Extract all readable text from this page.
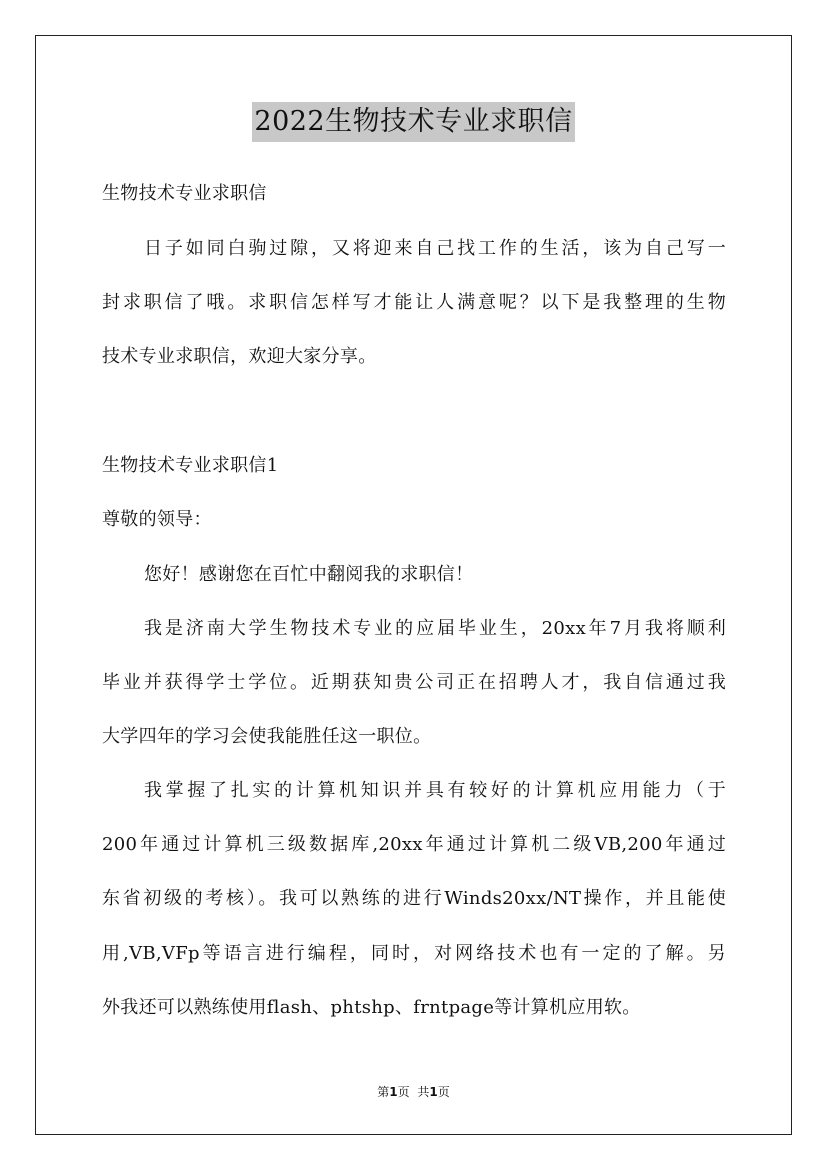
2022生物技术专业求职信
生物技术专业求职信
日子如同白驹过隙，又将迎来自己找工作的生活，该为自己写一
封求职信了哦。求职信怎样写才能让人满意呢？以下是我整理的生物
技术专业求职信，欢迎大家分享。
生物技术专业求职信1
尊敬的领导：
您好！感谢您在百忙中翻阅我的求职信！
我是济南大学生物技术专业的应届毕业生，20xx年7月我将顺利
毕业并获得学士学位。近期获知贵公司正在招聘人才，我自信通过我
大学四年的学习会使我能胜任这一职位。
我掌握了扎实的计算机知识并具有较好的计算机应用能力（于
200年通过计算机三级数据库,20xx年通过计算机二级VB,200年通过
东省初级的考核）。我可以熟练的进行Winds20xx/NT操作，并且能使
用,VB,VFp等语言进行编程，同时，对网络技术也有一定的了解。另
外我还可以熟练使用flash、phtshp、frntpage等计算机应用软。
第1页 共1页
